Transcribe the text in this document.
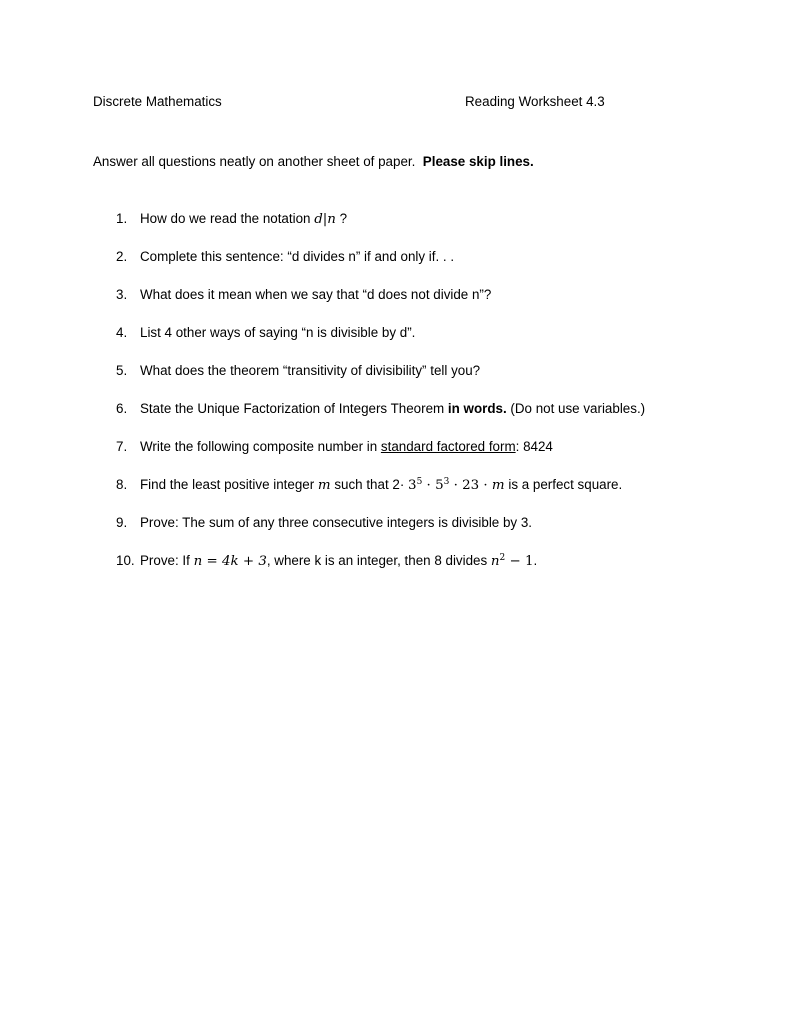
Discrete Mathematics	Reading Worksheet 4.3
Answer all questions neatly on another sheet of paper. Please skip lines.
1. How do we read the notation d|n ?
2. Complete this sentence: “d divides n” if and only if. . .
3. What does it mean when we say that “d does not divide n”?
4. List 4 other ways of saying “n is divisible by d”.
5. What does the theorem “transitivity of divisibility” tell you?
6. State the Unique Factorization of Integers Theorem in words. (Do not use variables.)
7. Write the following composite number in standard factored form: 8424
8. Find the least positive integer m such that $2\cdot 3^5 \cdot 5^3 \cdot 23 \cdot m$ is a perfect square.
9. Prove: The sum of any three consecutive integers is divisible by 3.
10. Prove: If n = 4k + 3, where k is an integer, then 8 divides $n^2 - 1$.
